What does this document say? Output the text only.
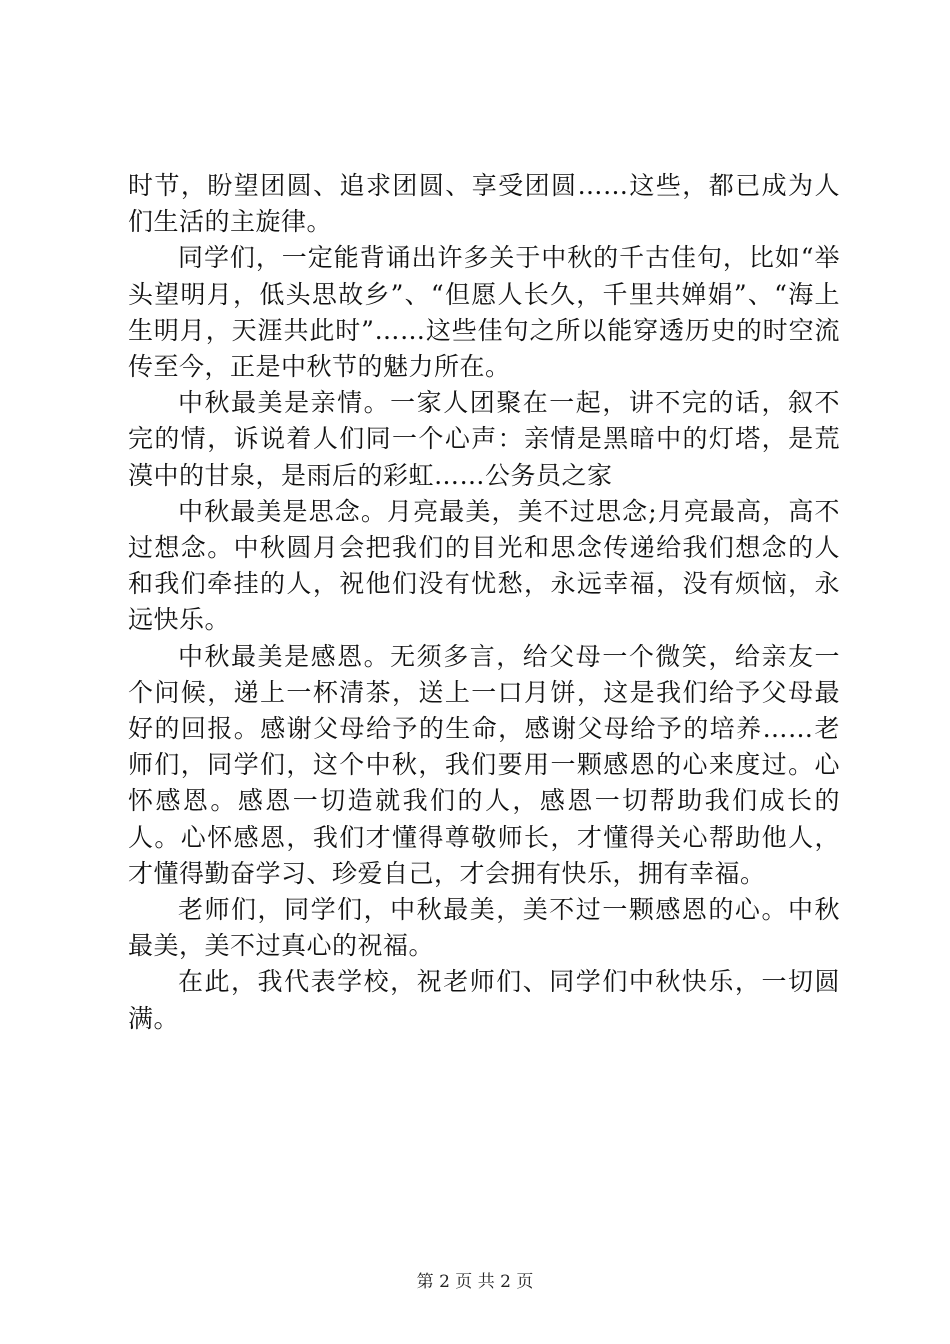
时节，盼望团圆、追求团圆、享受团圆……这些，都已成为人们生活的主旋律。

同学们，一定能背诵出许多关于中秋的千古佳句，比如“举头望明月，低头思故乡”、“但愿人长久，千里共婵娟”、“海上生明月，天涯共此时”……这些佳句之所以能穿透历史的时空流传至今，正是中秋节的魅力所在。

中秋最美是亲情。一家人团聚在一起，讲不完的话，叙不完的情，诉说着人们同一个心声：亲情是黑暗中的灯塔，是荒漠中的甘泉，是雨后的彩虹……公务员之家

中秋最美是思念。月亮最美，美不过思念;月亮最高，高不过想念。中秋圆月会把我们的目光和思念传递给我们想念的人和我们牵挂的人，祝他们没有忧愁，永远幸福，没有烦恼，永远快乐。

中秋最美是感恩。无须多言，给父母一个微笑，给亲友一个问候，递上一杯清茶，送上一口月饼，这是我们给予父母最好的回报。感谢父母给予的生命，感谢父母给予的培养……老师们，同学们，这个中秋，我们要用一颗感恩的心来度过。心怀感恩。感恩一切造就我们的人，感恩一切帮助我们成长的人。心怀感恩，我们才懂得尊敬师长，才懂得关心帮助他人，才懂得勤奋学习、珍爱自己，才会拥有快乐，拥有幸福。

老师们，同学们，中秋最美，美不过一颗感恩的心。中秋最美，美不过真心的祝福。

在此，我代表学校，祝老师们、同学们中秋快乐，一切圆满。

第 2 页 共 2 页
